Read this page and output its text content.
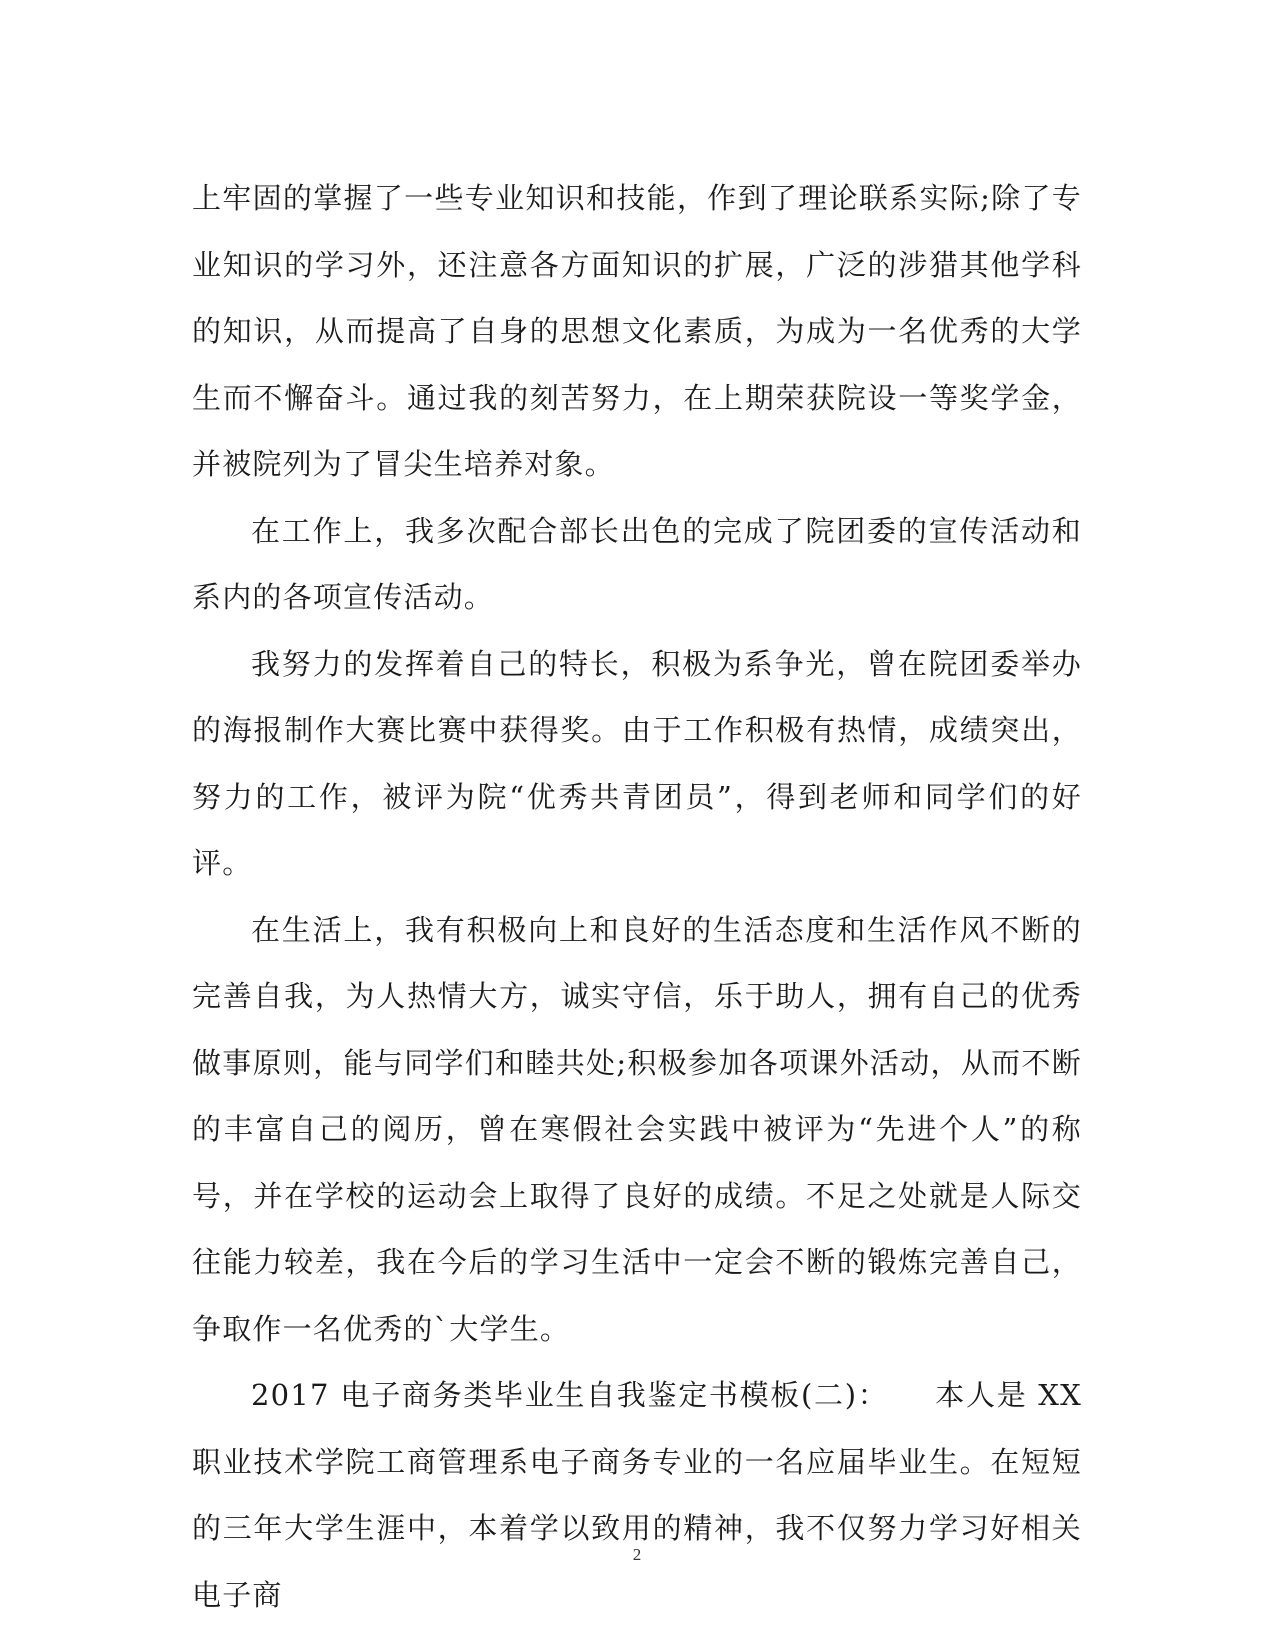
上牢固的掌握了一些专业知识和技能，作到了理论联系实际;除了专业知识的学习外，还注意各方面知识的扩展，广泛的涉猎其他学科的知识，从而提高了自身的思想文化素质，为成为一名优秀的大学生而不懈奋斗。通过我的刻苦努力，在上期荣获院设一等奖学金，并被院列为了冒尖生培养对象。

在工作上，我多次配合部长出色的完成了院团委的宣传活动和系内的各项宣传活动。

我努力的发挥着自己的特长，积极为系争光，曾在院团委举办的海报制作大赛比赛中获得奖。由于工作积极有热情，成绩突出，努力的工作，被评为院“优秀共青团员”，得到老师和同学们的好评。

在生活上，我有积极向上和良好的生活态度和生活作风不断的完善自我，为人热情大方，诚实守信，乐于助人，拥有自己的优秀做事原则，能与同学们和睦共处;积极参加各项课外活动，从而不断的丰富自己的阅历，曾在寒假社会实践中被评为“先进个人”的称号，并在学校的运动会上取得了良好的成绩。不足之处就是人际交往能力较差，我在今后的学习生活中一定会不断的锻炼完善自己，争取作一名优秀的`大学生。

2017 电子商务类毕业生自我鉴定书模板(二)：　　本人是 XX 职业技术学院工商管理系电子商务专业的一名应届毕业生。在短短的三年大学生涯中，本着学以致用的精神，我不仅努力学习好相关电子商

2
